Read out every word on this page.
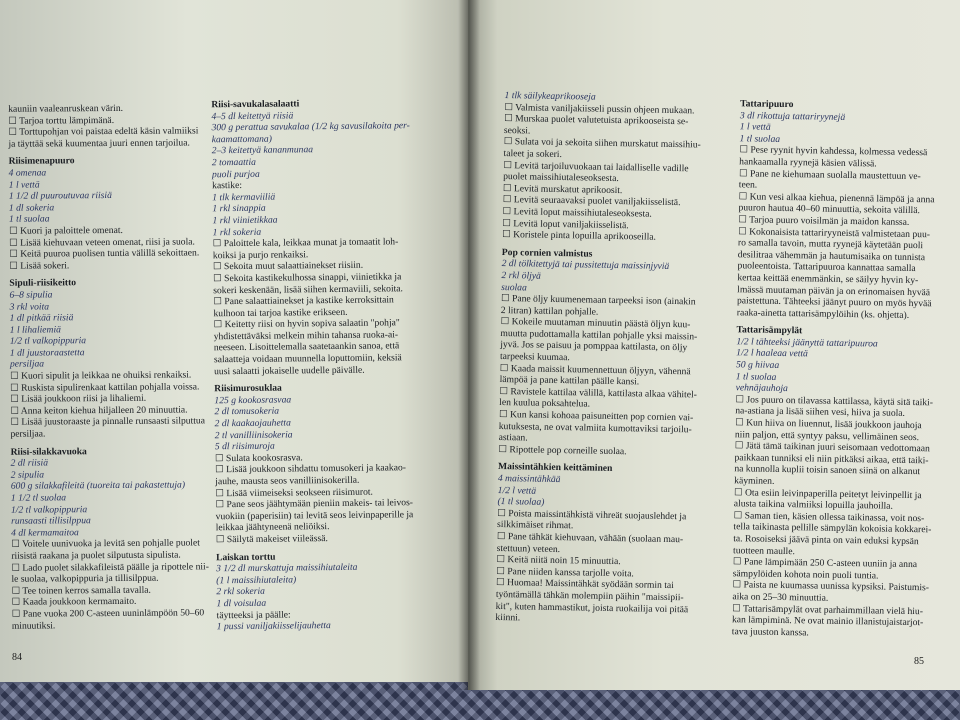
kauniin vaaleanruskean värin.

☐ Tarjoa torttu lämpimänä.

☐ Torttupohjan voi paistaa edeltä käsin valmiiksi

ja täyttää sekä kuumentaa juuri ennen tarjoilua.

Riisimenapuuro

4 omenaa

1 l vettä

1 1/2 dl puuroutuvaa riisiä

1 dl sokeria

1 tl suolaa

☐ Kuori ja paloittele omenat.

☐ Lisää kiehuvaan veteen omenat, riisi ja suola.

☐ Keitä puuroa puolisen tuntia välillä sekoittaen.

☐ Lisää sokeri.

Sipuli-riisikeitto

6–8 sipulia

3 rkl voita

1 dl pitkää riisiä

1 l lihaliemiä

1/2 tl valkopippuria

1 dl juustoraastetta

persiljaa

☐ Kuori sipulit ja leikkaa ne ohuiksi renkaiksi.

☐ Ruskista sipulirenkaat kattilan pohjalla voissa.

☐ Lisää joukkoon riisi ja lihaliemi.

☐ Anna keiton kiehua hiljalleen 20 minuuttia.

☐ Lisää juustoraaste ja pinnalle runsaasti silputtua

persiljaa.

Riisi-silakkavuoka

2 dl riisiä

2 sipulia

600 g silakkafileitä (tuoreita tai pakastettuja)

1 1/2 tl suolaa

1/2 tl valkopippuria

runsaasti tillisilppua

4 dl kermamaitoa

☐ Voitele uunivuoka ja levitä sen pohjalle puolet

riisistä raakana ja puolet silputusta sipulista.

☐ Lado puolet silakkafileistä päälle ja ripottele nii-

le suolaa, valkopippuria ja tillisilppua.

☐ Tee toinen kerros samalla tavalla.

☐ Kaada joukkoon kermamaito.

☐ Pane vuoka 200 C-asteen uuninlämpöön 50–60

minuutiksi.

Riisi-savukalasalaatti

4–5 dl keitettyä riisiä

300 g perattua savukalaa (1/2 kg savusilakoita per-

kaamattomana)

2–3 keitettyä kananmunaa

2 tomaattia

puoli purjoa

kastike:

1 tlk kermaviiliä

1 rkl sinappia

1 rkl viinietikkaa

1 rkl sokeria

☐ Paloittele kala, leikkaa munat ja tomaatit loh-

koiksi ja purjo renkaiksi.

☐ Sekoita muut salaattiainekset riisiin.

☐ Sekoita kastikekulhossa sinappi, viinietikka ja

sokeri keskenään, lisää siihen kermaviili, sekoita.

☐ Pane salaattiainekset ja kastike kerroksittain

kulhoon tai tarjoa kastike erikseen.

☐ Keitetty riisi on hyvin sopiva salaatin "pohja"

yhdistettäväksi melkein mihin tahansa ruoka-ai-

neeseen. Lisoittelemalla saatetaankin sanoa, että

salaatteja voidaan muunnella loputtomiin, keksiä

uusi salaatti jokaiselle uudelle päivälle.

Riisimurosuklaa

125 g kookosrasvaa

2 dl tomusokeria

2 dl kaakaojauhetta

2 tl vanilliinisokeria

5 dl riisimuroja

☐ Sulata kookosrasva.

☐ Lisää joukkoon sihdattu tomusokeri ja kaakao-

jauhe, mausta seos vanilliinisokerilla.

☐ Lisää viimeiseksi seokseen riisimurot.

☐ Pane seos jäähtymään pieniin makeis- tai leivos-

vuokiin (paperisiin) tai levitä seos leivinpaperille ja

leikkaa jäähtyneenä neliöiksi.

☐ Säilytä makeiset viileässä.

Laiskan torttu

3 1/2 dl murskattuja maissihiutaleita

(1 l maissihiutaleita)

2 rkl sokeria

1 dl voisulaa

täytteeksi ja päälle:

1 pussi vaniljakiisselijauhetta

84

1 tlk säilykeaprikooseja

☐ Valmista vaniljakiisseli pussin ohjeen mukaan.

☐ Murskaa puolet valutetuista aprikooseista se-

seoksi.

☐ Sulata voi ja sekoita siihen murskatut maissihiu-

taleet ja sokeri.

☐ Levitä tarjoiluvuokaan tai laidalliselle vadille

puolet maissihiutaleseoksesta.

☐ Levitä murskatut aprikoosit.

☐ Levitä seuraavaksi puolet vaniljakiisselistä.

☐ Levitä loput maissihiutaleseoksesta.

☐ Levitä loput vaniljakiisselistä.

☐ Koristele pinta lopuilla aprikooseilla.

Pop cornien valmistus

2 dl tölkitettyjä tai pussitettuja maissinjyviä

2 rkl öljyä

suolaa

☐ Pane öljy kuumenemaan tarpeeksi ison (ainakin

2 litran) kattilan pohjalle.

☐ Kokeile muutaman minuutin päästä öljyn kuu-

muutta pudottamalla kattilan pohjalle yksi maissin-

jyvä. Jos se paisuu ja pomppaa kattilasta, on öljy

tarpeeksi kuumaa.

☐ Kaada maissit kuumennettuun öljyyn, vähennä

lämpöä ja pane kattilan päälle kansi.

☐ Ravistele kattilaa välillä, kattilasta alkaa vähitel-

len kuulua poksahtelua.

☐ Kun kansi kohoaa paisuneitten pop cornien vai-

kutuksesta, ne ovat valmiita kumottaviksi tarjoilu-

astiaan.

☐ Ripottele pop corneille suolaa.

Maissintähkien keittäminen

4 maissintähkää

1/2 l vettä

(1 tl suolaa)

☐ Poista maissintähkistä vihreät suojauslehdet ja

silkkimäiset rihmat.

☐ Pane tähkät kiehuvaan, vähään (suolaan mau-

stettuun) veteen.

☐ Keitä niitä noin 15 minuuttia.

☐ Pane niiden kanssa tarjolle voita.

☐ Huomaa! Maissintähkät syödään sormin tai

työntämällä tähkän molempiin päihin "maissipii-

kit", kuten hammastikut, joista ruokailija voi pitää

kiinni.

Tattaripuuro

3 dl rikottuja tattariryynejä

1 l vettä

1 tl suolaa

☐ Pese ryynit hyvin kahdessa, kolmessa vedessä

hankaamalla ryynejä käsien välissä.

☐ Pane ne kiehumaan suolalla maustettuun ve-

teen.

☐ Kun vesi alkaa kiehua, pienennä lämpöä ja anna

puuron hautua 40–60 minuuttia, sekoita välillä.

☐ Tarjoa puuro voisilmän ja maidon kanssa.

☐ Kokonaisista tattariryyneistä valmistetaan puu-

ro samalla tavoin, mutta ryynejä käytetään puoli

desilitraa vähemmän ja hautumisaika on tunnista

puoleentoista. Tattaripuuroa kannattaa samalla

kertaa keittää enemmänkin, se säilyy hyvin ky-

lmässä muutaman päivän ja on erinomaisen hyvää

paistettuna. Tähteeksi jäänyt puuro on myös hyvää

raaka-ainetta tattarisämpylöihin (ks. ohjetta).

Tattarisämpylät

1/2 l tähteeksi jäänyttä tattaripuuroa

1/2 l haaleaa vettä

50 g hiivaa

1 tl suolaa

vehnäjauhoja

☐ Jos puuro on tilavassa kattilassa, käytä sitä taiki-

na-astiana ja lisää siihen vesi, hiiva ja suola.

☐ Kun hiiva on liuennut, lisää joukkoon jauhoja

niin paljon, että syntyy paksu, vellimäinen seos.

☐ Jätä tämä taikinan juuri seisomaan vedottomaan

paikkaan tunniksi eli niin pitkäksi aikaa, että taiki-

na kunnolla kuplii toisin sanoen siinä on alkanut

käyminen.

☐ Ota esiin leivinpaperilla peitetyt leivinpellit ja

alusta taikina valmiiksi lopuilla jauhoilla.

☐ Saman tien, käsien ollessa taikinassa, voit nos-

tella taikinasta pellille sämpylän kokoisia kokkarei-

ta. Rosoiseksi jäävä pinta on vain eduksi kypsän

tuotteen maulle.

☐ Pane lämpimään 250 C-asteen uuniin ja anna

sämpylöiden kohota noin puoli tuntia.

☐ Paista ne kuumassa uunissa kypsiksi. Paistumis-

aika on 25–30 minuuttia.

☐ Tattarisämpylät ovat parhaimmillaan vielä hiu-

kan lämpiminä. Ne ovat mainio illanistujaistarjot-

tava juuston kanssa.

85
